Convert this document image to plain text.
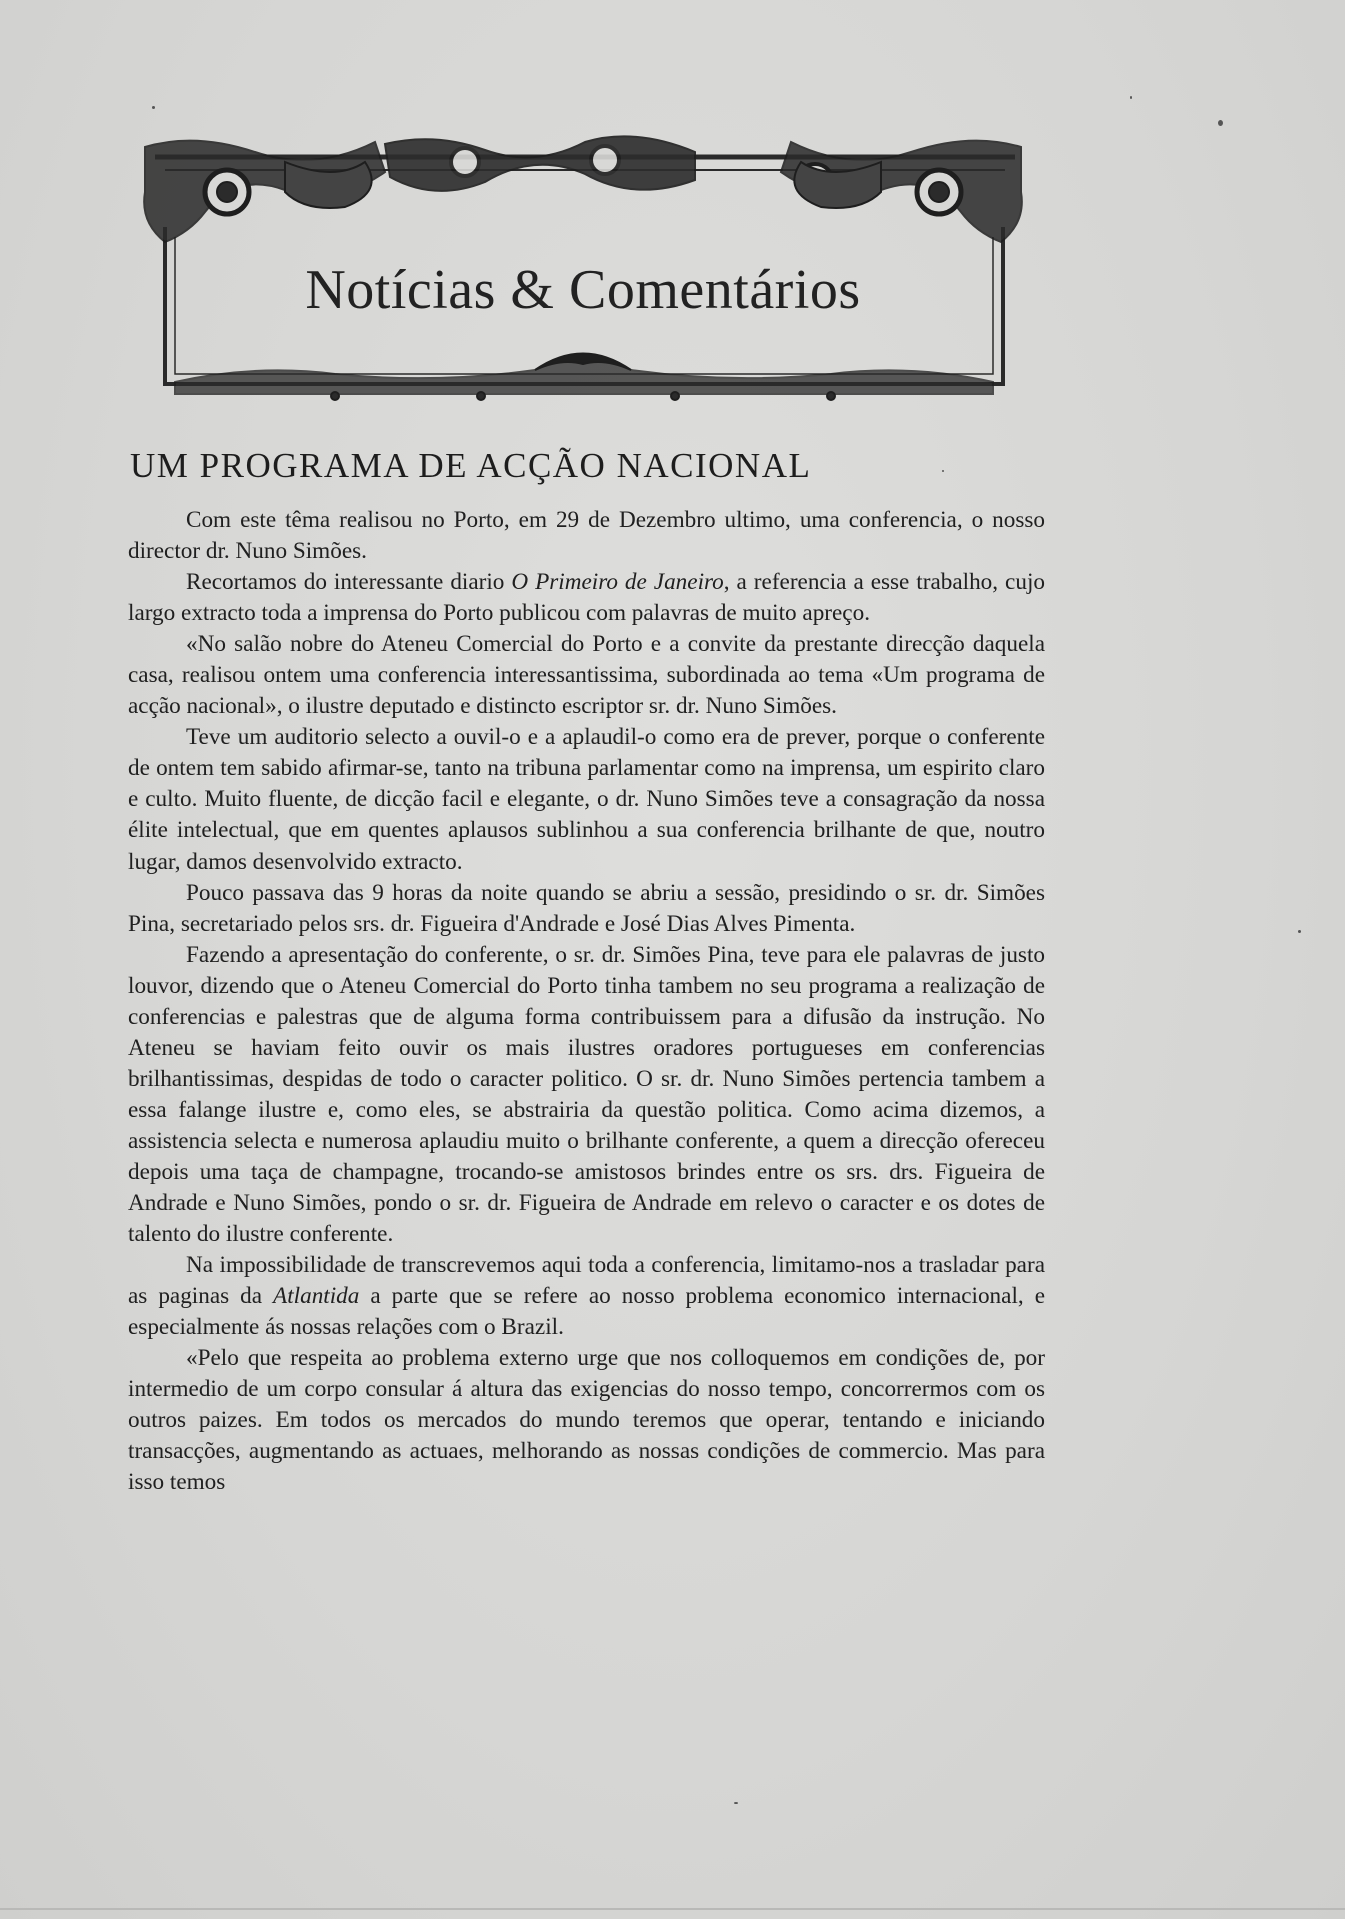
Notícias & Comentários
UM PROGRAMA DE ACÇÃO NACIONAL

Com este têma realisou no Porto, em 29 de Dezembro ultimo, uma conferencia, o nosso director dr. Nuno Simões.

Recortamos do interessante diario O Primeiro de Janeiro, a referencia a esse trabalho, cujo largo extracto toda a imprensa do Porto publicou com palavras de muito apreço.

«No salão nobre do Ateneu Comercial do Porto e a convite da prestante direcção daquela casa, realisou ontem uma conferencia interessantissima, subordinada ao tema «Um programa de acção nacional», o ilustre deputado e distincto escriptor sr. dr. Nuno Simões.

Teve um auditorio selecto a ouvil-o e a aplaudil-o como era de prever, porque o conferente de ontem tem sabido afirmar-se, tanto na tribuna parlamentar como na imprensa, um espirito claro e culto. Muito fluente, de dicção facil e elegante, o dr. Nuno Simões teve a consagração da nossa élite intelectual, que em quentes aplausos sublinhou a sua conferencia brilhante de que, noutro lugar, damos desenvolvido extracto.

Pouco passava das 9 horas da noite quando se abriu a sessão, presidindo o sr. dr. Simões Pina, secretariado pelos srs. dr. Figueira d'Andrade e José Dias Alves Pimenta.

Fazendo a apresentação do conferente, o sr. dr. Simões Pina, teve para ele palavras de justo louvor, dizendo que o Ateneu Comercial do Porto tinha tambem no seu programa a realização de conferencias e palestras que de alguma forma contribuissem para a difusão da instrução. No Ateneu se haviam feito ouvir os mais ilustres oradores portugueses em conferencias brilhantissimas, despidas de todo o caracter politico. O sr. dr. Nuno Simões pertencia tambem a essa falange ilustre e, como eles, se abstrairia da questão politica. Como acima dizemos, a assistencia selecta e numerosa aplaudiu muito o brilhante conferente, a quem a direcção ofereceu depois uma taça de champagne, trocando-se amistosos brindes entre os srs. drs. Figueira de Andrade e Nuno Simões, pondo o sr. dr. Figueira de Andrade em relevo o caracter e os dotes de talento do ilustre conferente.

Na impossibilidade de transcrevemos aqui toda a conferencia, limitamo-nos a trasladar para as paginas da Atlantida a parte que se refere ao nosso problema economico internacional, e especialmente ás nossas relações com o Brazil.

«Pelo que respeita ao problema externo urge que nos colloquemos em condições de, por intermedio de um corpo consular á altura das exigencias do nosso tempo, concorrermos com os outros paizes. Em todos os mercados do mundo teremos que operar, tentando e iniciando transacções, augmentando as actuaes, melhorando as nossas condições de commercio. Mas para isso temos
